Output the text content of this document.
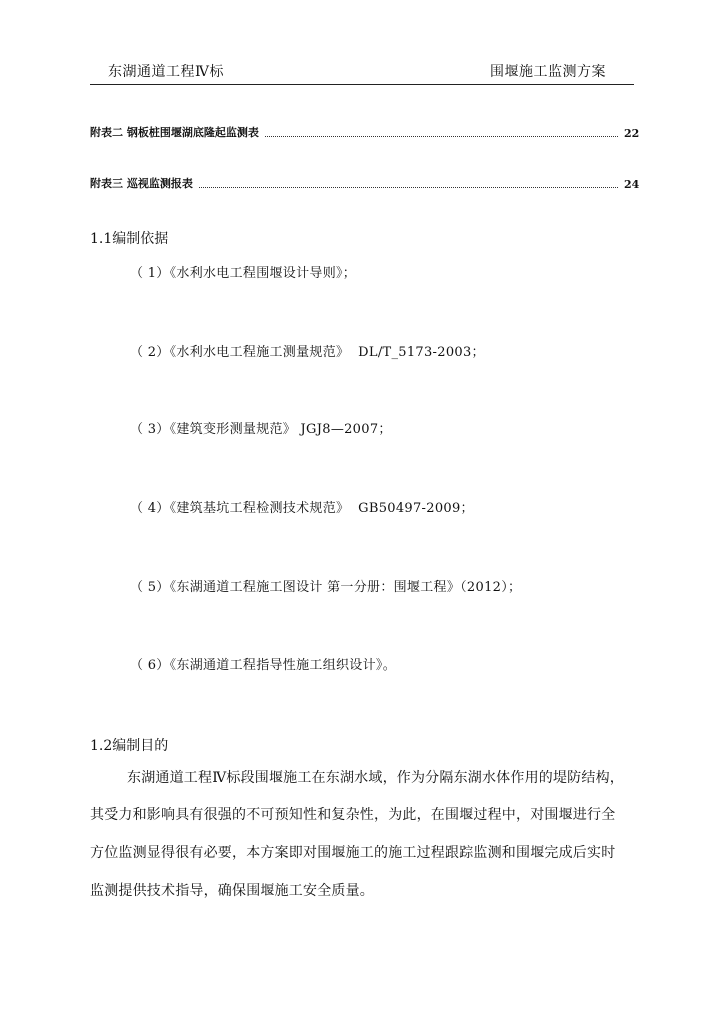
东湖通道工程Ⅳ标	围堰施工监测方案
附表二 钢板桩围堰湖底隆起监测表	22
附表三 巡视监测报表	24
1.1编制依据
（ 1）《水利水电工程围堰设计导则》；
（ 2）《水利水电工程施工测量规范》  DL/T_5173-2003；
（ 3）《建筑变形测量规范》 JGJ8—2007；
（ 4）《建筑基坑工程检测技术规范》  GB50497-2009；
（ 5）《东湖通道工程施工图设计 第一分册：围堰工程》（2012）；
（ 6）《东湖通道工程指导性施工组织设计》。
1.2编制目的
东湖通道工程Ⅳ标段围堰施工在东湖水域，作为分隔东湖水体作用的堤防结构，
其受力和影响具有很强的不可预知性和复杂性，为此，在围堰过程中，对围堰进行全
方位监测显得很有必要，本方案即对围堰施工的施工过程跟踪监测和围堰完成后实时
监测提供技术指导，确保围堰施工安全质量。
